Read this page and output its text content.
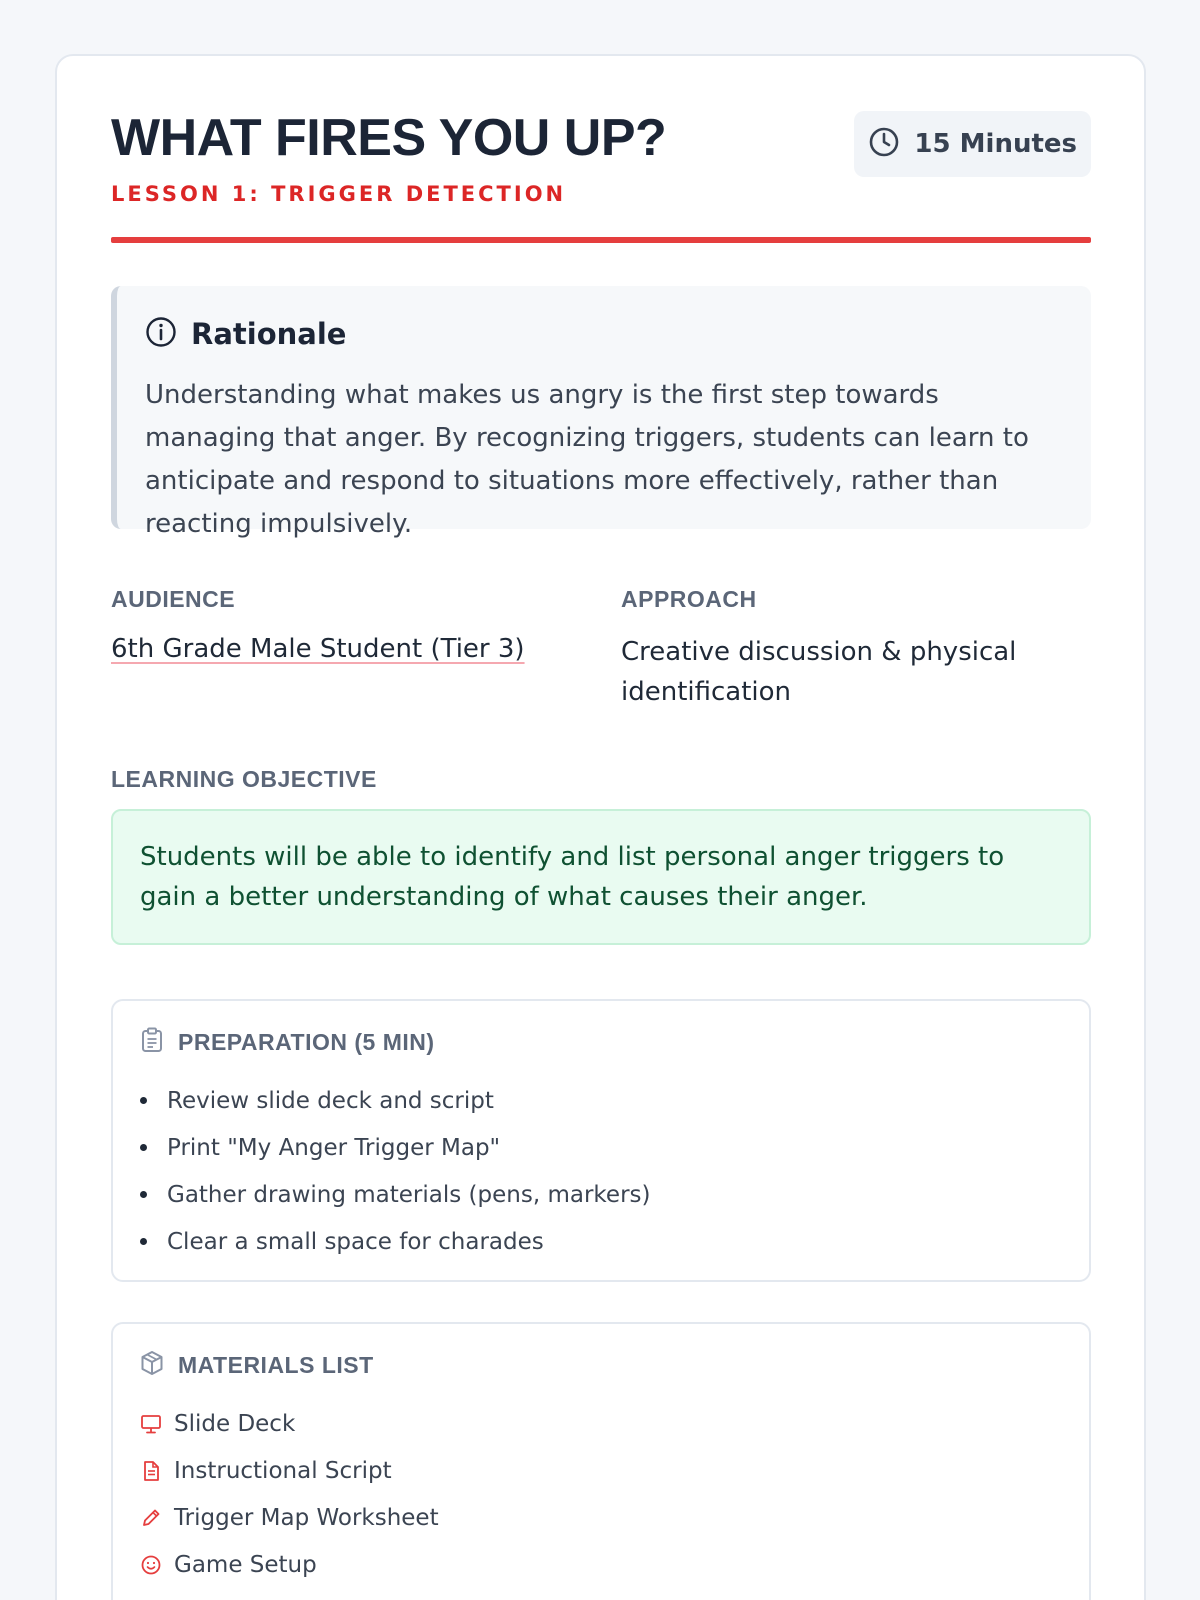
WHAT FIRES YOU UP?
LESSON 1: TRIGGER DETECTION
15 Minutes
Rationale

Understanding what makes us angry is the first step towards managing that anger. By recognizing triggers, students can learn to anticipate and respond to situations more effectively, rather than reacting impulsively.

AUDIENCE
6th Grade Male Student (Tier 3)
APPROACH
Creative discussion & physical identification
LEARNING OBJECTIVE

Students will be able to identify and list personal anger triggers to gain a better understanding of what causes their anger.

PREPARATION (5 MIN)
Review slide deck and script
Print "My Anger Trigger Map"
Gather drawing materials (pens, markers)
Clear a small space for charades
MATERIALS LIST
Slide Deck
Instructional Script
Trigger Map Worksheet
Game Setup
